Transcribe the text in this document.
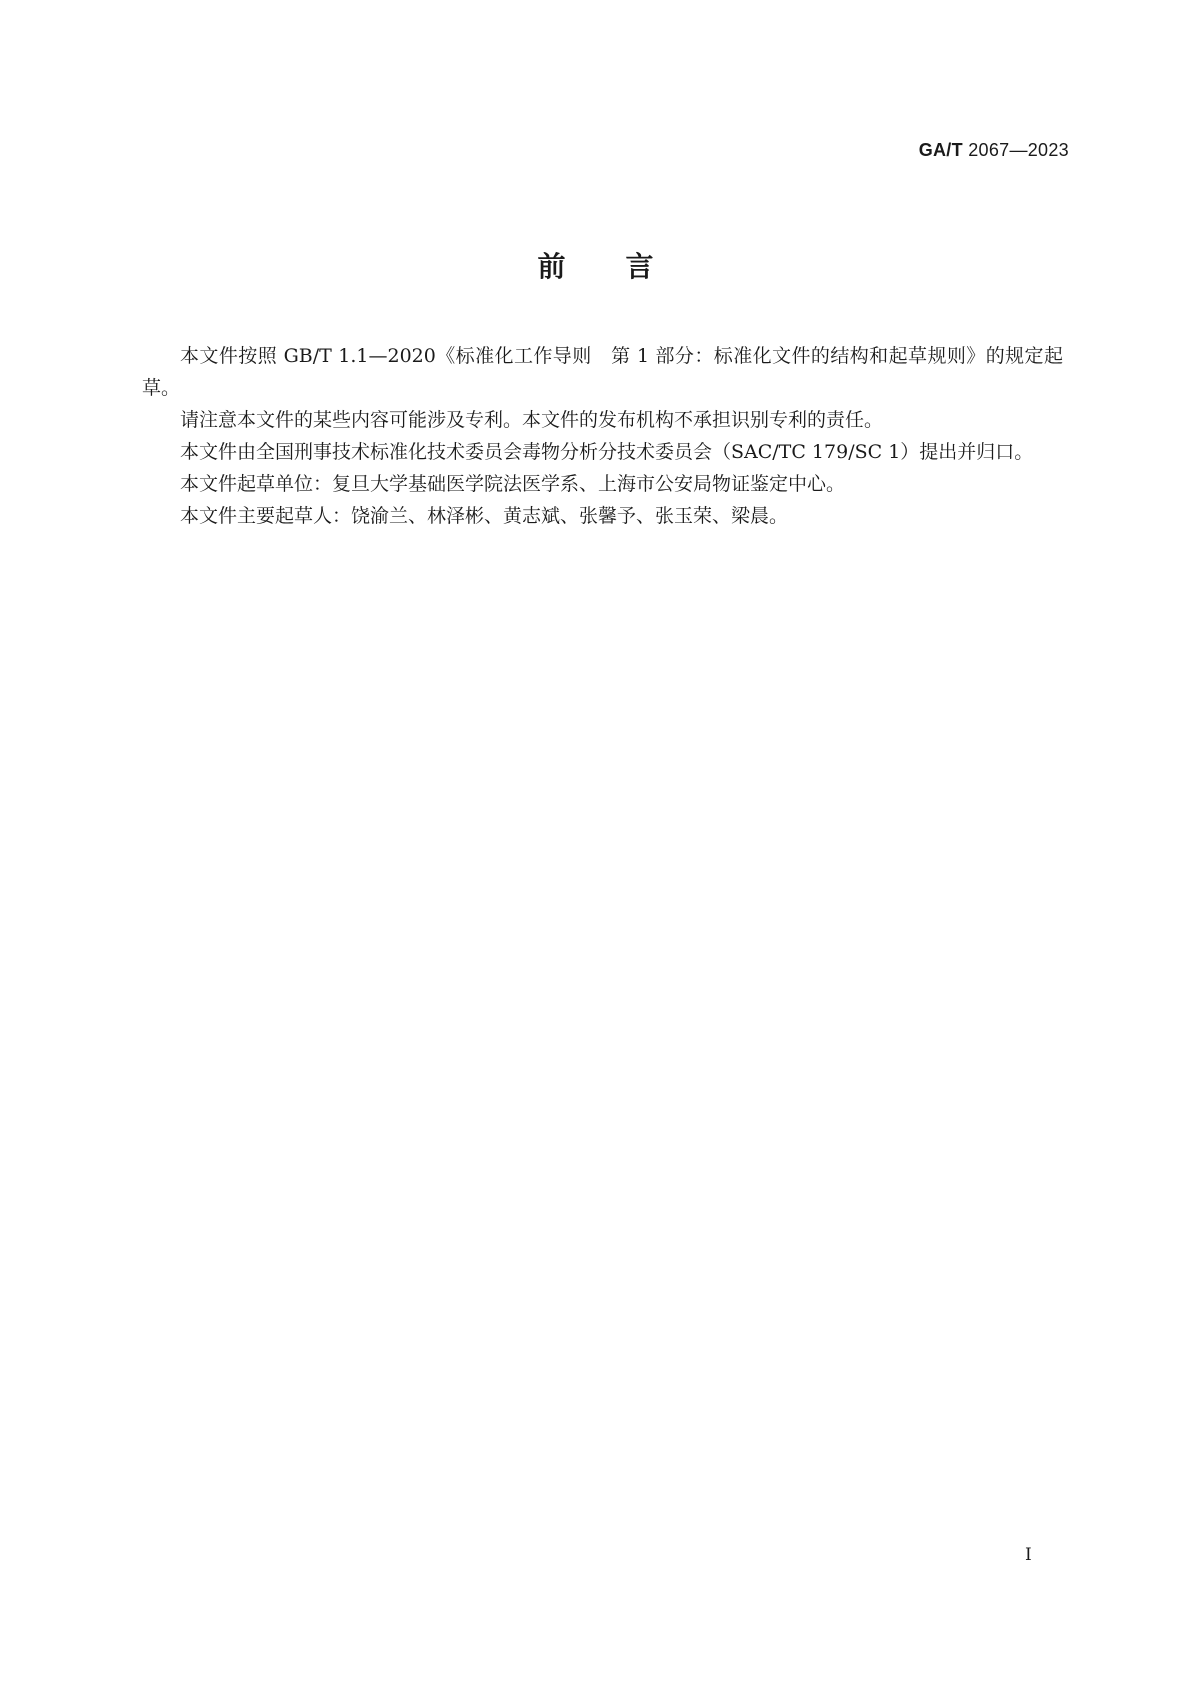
GA/T 2067—2023
前言

本文件按照 GB/T 1.1—2020《标准化工作导则　第 1 部分：标准化文件的结构和起草规则》的规定起草。

请注意本文件的某些内容可能涉及专利。本文件的发布机构不承担识别专利的责任。

本文件由全国刑事技术标准化技术委员会毒物分析分技术委员会（SAC/TC 179/SC 1）提出并归口。

本文件起草单位：复旦大学基础医学院法医学系、上海市公安局物证鉴定中心。

本文件主要起草人：饶渝兰、林泽彬、黄志斌、张馨予、张玉荣、梁晨。

I
